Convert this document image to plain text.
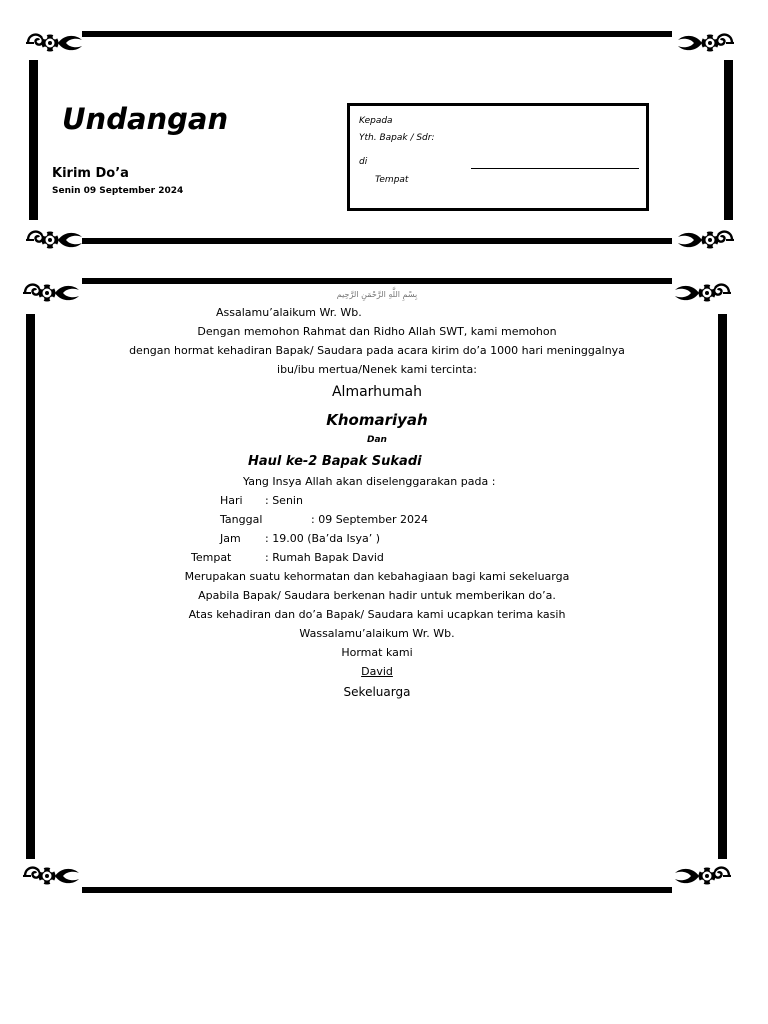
Undangan
Kirim Do’a
Senin 09 September 2024
Kepada
Yth. Bapak / Sdr:
di
Tempat
بِسْمِ اللَّهِ الرَّحْمَنِ الرَّحِيم
Assalamu’alaikum Wr. Wb.
Dengan memohon Rahmat dan Ridho Allah SWT, kami memohon
dengan hormat kehadiran Bapak/ Saudara pada acara kirim do’a 1000 hari meninggalnya
ibu/ibu mertua/Nenek kami tercinta:
Almarhumah
Khomariyah
Dan
Haul ke-2 Bapak Sukadi
Yang Insya Allah akan diselenggarakan pada :
Hari : Senin
Tanggal	: 09 September 2024
Jam : 19.00 (Ba’da Isya’ )
Tempat	: Rumah Bapak David
Merupakan suatu kehormatan dan kebahagiaan bagi kami sekeluarga
Apabila Bapak/ Saudara berkenan hadir untuk memberikan do’a.
Atas kehadiran dan do’a Bapak/ Saudara kami ucapkan terima kasih
Wassalamu’alaikum Wr. Wb.
Hormat kami
David
Sekeluarga
